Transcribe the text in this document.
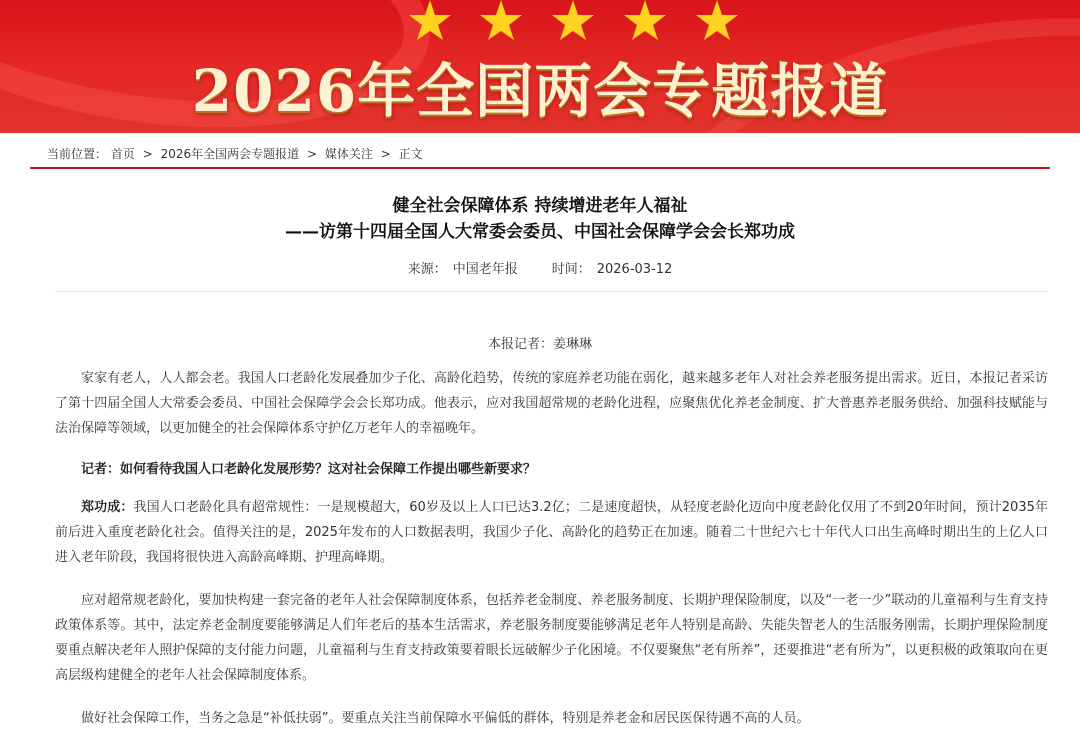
2026年全国两会专题报道
当前位置： 首页 > 2026年全国两会专题报道 > 媒体关注 > 正文
健全社会保障体系 持续增进老年人福祉
——访第十四届全国人大常委会委员、中国社会保障学会会长郑功成
来源： 中国老年报	时间： 2026-03-12
本报记者：姜琳琳
家家有老人，人人都会老。我国人口老龄化发展叠加少子化、高龄化趋势，传统的家庭养老功能在弱化，越来越多老年人对社会养老服务提出需求。近日，本报记者采访了第十四届全国人大常委会委员、中国社会保障学会会长郑功成。他表示，应对我国超常规的老龄化进程，应聚焦优化养老金制度、扩大普惠养老服务供给、加强科技赋能与法治保障等领域，以更加健全的社会保障体系守护亿万老年人的幸福晚年。
记者：如何看待我国人口老龄化发展形势？这对社会保障工作提出哪些新要求？
郑功成：我国人口老龄化具有超常规性：一是规模超大，60岁及以上人口已达3.2亿；二是速度超快，从轻度老龄化迈向中度老龄化仅用了不到20年时间，预计2035年前后进入重度老龄化社会。值得关注的是，2025年发布的人口数据表明，我国少子化、高龄化的趋势正在加速。随着二十世纪六七十年代人口出生高峰时期出生的上亿人口进入老年阶段，我国将很快进入高龄高峰期、护理高峰期。
应对超常规老龄化，要加快构建一套完备的老年人社会保障制度体系，包括养老金制度、养老服务制度、长期护理保险制度，以及“一老一少”联动的儿童福利与生育支持政策体系等。其中，法定养老金制度要能够满足人们年老后的基本生活需求，养老服务制度要能够满足老年人特别是高龄、失能失智老人的生活服务刚需，长期护理保险制度要重点解决老年人照护保障的支付能力问题，儿童福利与生育支持政策要着眼长远破解少子化困境。不仅要聚焦“老有所养”，还要推进“老有所为”，以更积极的政策取向在更高层级构建健全的老年人社会保障制度体系。
做好社会保障工作，当务之急是“补低扶弱”。要重点关注当前保障水平偏低的群体，特别是养老金和居民医保待遇不高的人员。
